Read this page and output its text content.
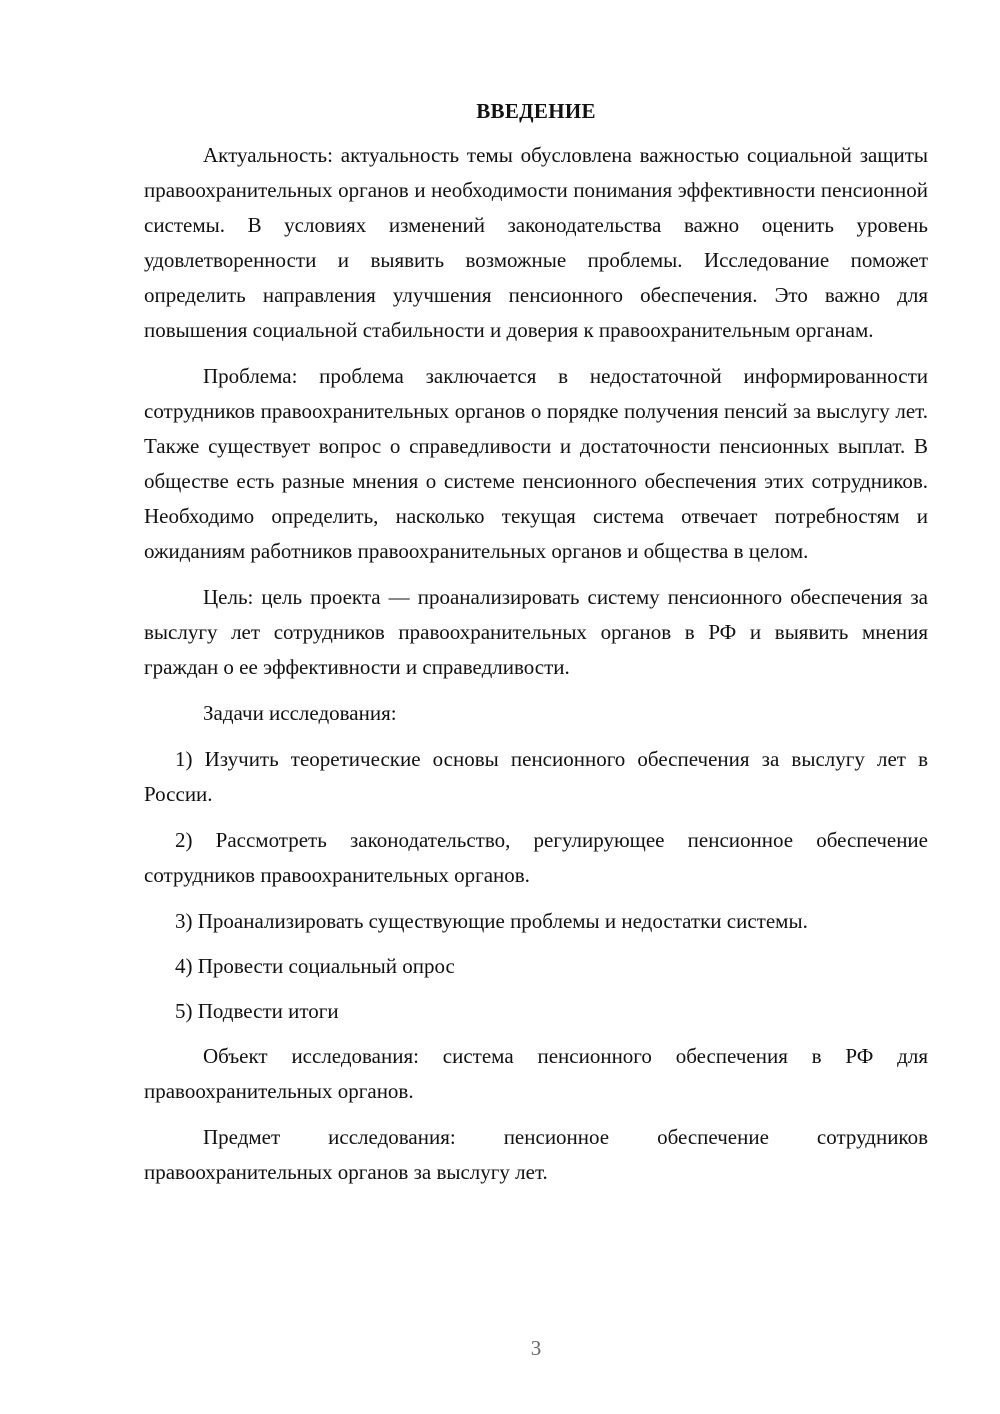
ВВЕДЕНИЕ

Актуальность: актуальность темы обусловлена важностью социальной защиты правоохранительных органов и необходимости понимания эффективности пенсионной системы. В условиях изменений законодательства важно оценить уровень удовлетворенности и выявить возможные проблемы. Исследование поможет определить направления улучшения пенсионного обеспечения. Это важно для повышения социальной стабильности и доверия к правоохранительным органам.

Проблема: проблема заключается в недостаточной информированности сотрудников правоохранительных органов о порядке получения пенсий за выслугу лет. Также существует вопрос о справедливости и достаточности пенсионных выплат. В обществе есть разные мнения о системе пенсионного обеспечения этих сотрудников. Необходимо определить, насколько текущая система отвечает потребностям и ожиданиям работников правоохранительных органов и общества в целом.

Цель: цель проекта — проанализировать систему пенсионного обеспечения за выслугу лет сотрудников правоохранительных органов в РФ и выявить мнения граждан о ее эффективности и справедливости.

Задачи исследования:

1) Изучить теоретические основы пенсионного обеспечения за выслугу лет в России.

2) Рассмотреть законодательство, регулирующее пенсионное обеспечение сотрудников правоохранительных органов.

3) Проанализировать существующие проблемы и недостатки системы.

4) Провести социальный опрос

5) Подвести итоги

Объект исследования: система пенсионного обеспечения в РФ для правоохранительных органов.

Предмет исследования: пенсионное обеспечение сотрудников правоохранительных органов за выслугу лет.

3
